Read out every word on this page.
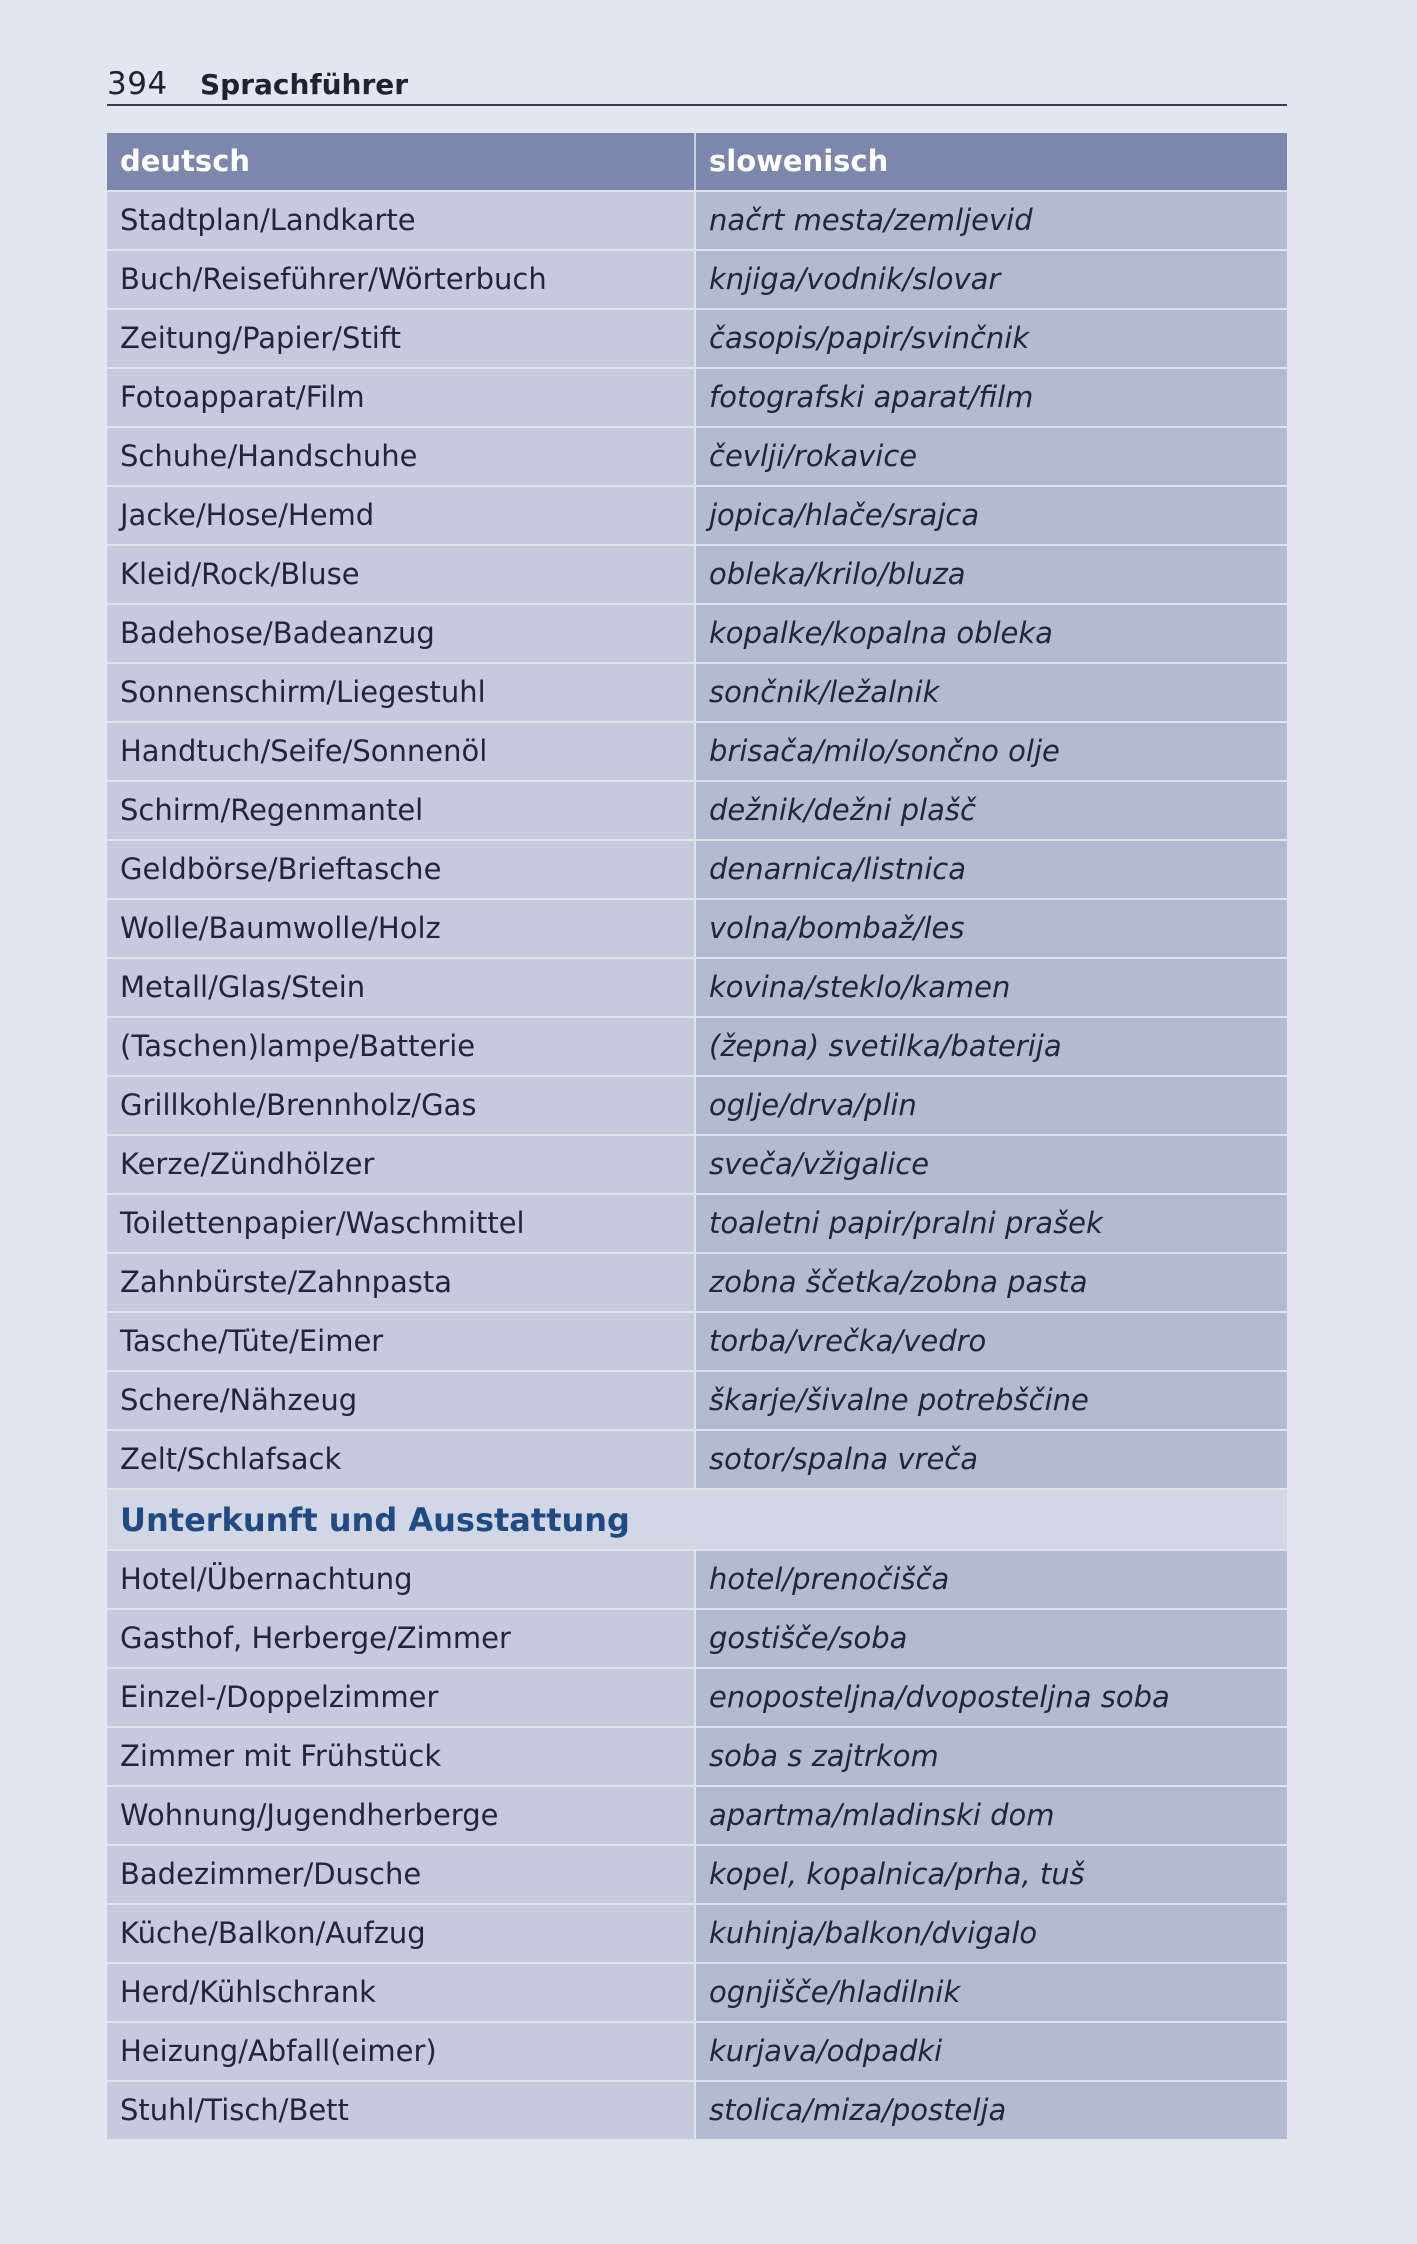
394 Sprachführer
deutsch	slowenisch
Stadtplan/Landkarte	načrt mesta/zemljevid
Buch/Reiseführer/Wörterbuch	knjiga/vodnik/slovar
Zeitung/Papier/Stift	časopis/papir/svinčnik
Fotoapparat/Film	fotografski aparat/film
Schuhe/Handschuhe	čevlji/rokavice
Jacke/Hose/Hemd	jopica/hlače/srajca
Kleid/Rock/Bluse	obleka/krilo/bluza
Badehose/Badeanzug	kopalke/kopalna obleka
Sonnenschirm/Liegestuhl	sončnik/ležalnik
Handtuch/Seife/Sonnenöl	brisača/milo/sončno olje
Schirm/Regenmantel	dežnik/dežni plašč
Geldbörse/Brieftasche	denarnica/listnica
Wolle/Baumwolle/Holz	volna/bombaž/les
Metall/Glas/Stein	kovina/steklo/kamen
(Taschen)lampe/Batterie	(žepna) svetilka/baterija
Grillkohle/Brennholz/Gas	oglje/drva/plin
Kerze/Zündhölzer	sveča/vžigalice
Toilettenpapier/Waschmittel	toaletni papir/pralni prašek
Zahnbürste/Zahnpasta	zobna ščetka/zobna pasta
Tasche/Tüte/Eimer	torba/vrečka/vedro
Schere/Nähzeug	škarje/šivalne potrebščine
Zelt/Schlafsack	sotor/spalna vreča
Unterkunft und Ausstattung
Hotel/Übernachtung	hotel/prenočišča
Gasthof, Herberge/Zimmer	gostišče/soba
Einzel-/Doppelzimmer	enoposteljna/dvoposteljna soba
Zimmer mit Frühstück	soba s zajtrkom
Wohnung/Jugendherberge	apartma/mladinski dom
Badezimmer/Dusche	kopel, kopalnica/prha, tuš
Küche/Balkon/Aufzug	kuhinja/balkon/dvigalo
Herd/Kühlschrank	ognjišče/hladilnik
Heizung/Abfall(eimer)	kurjava/odpadki
Stuhl/Tisch/Bett	stolica/miza/postelja
